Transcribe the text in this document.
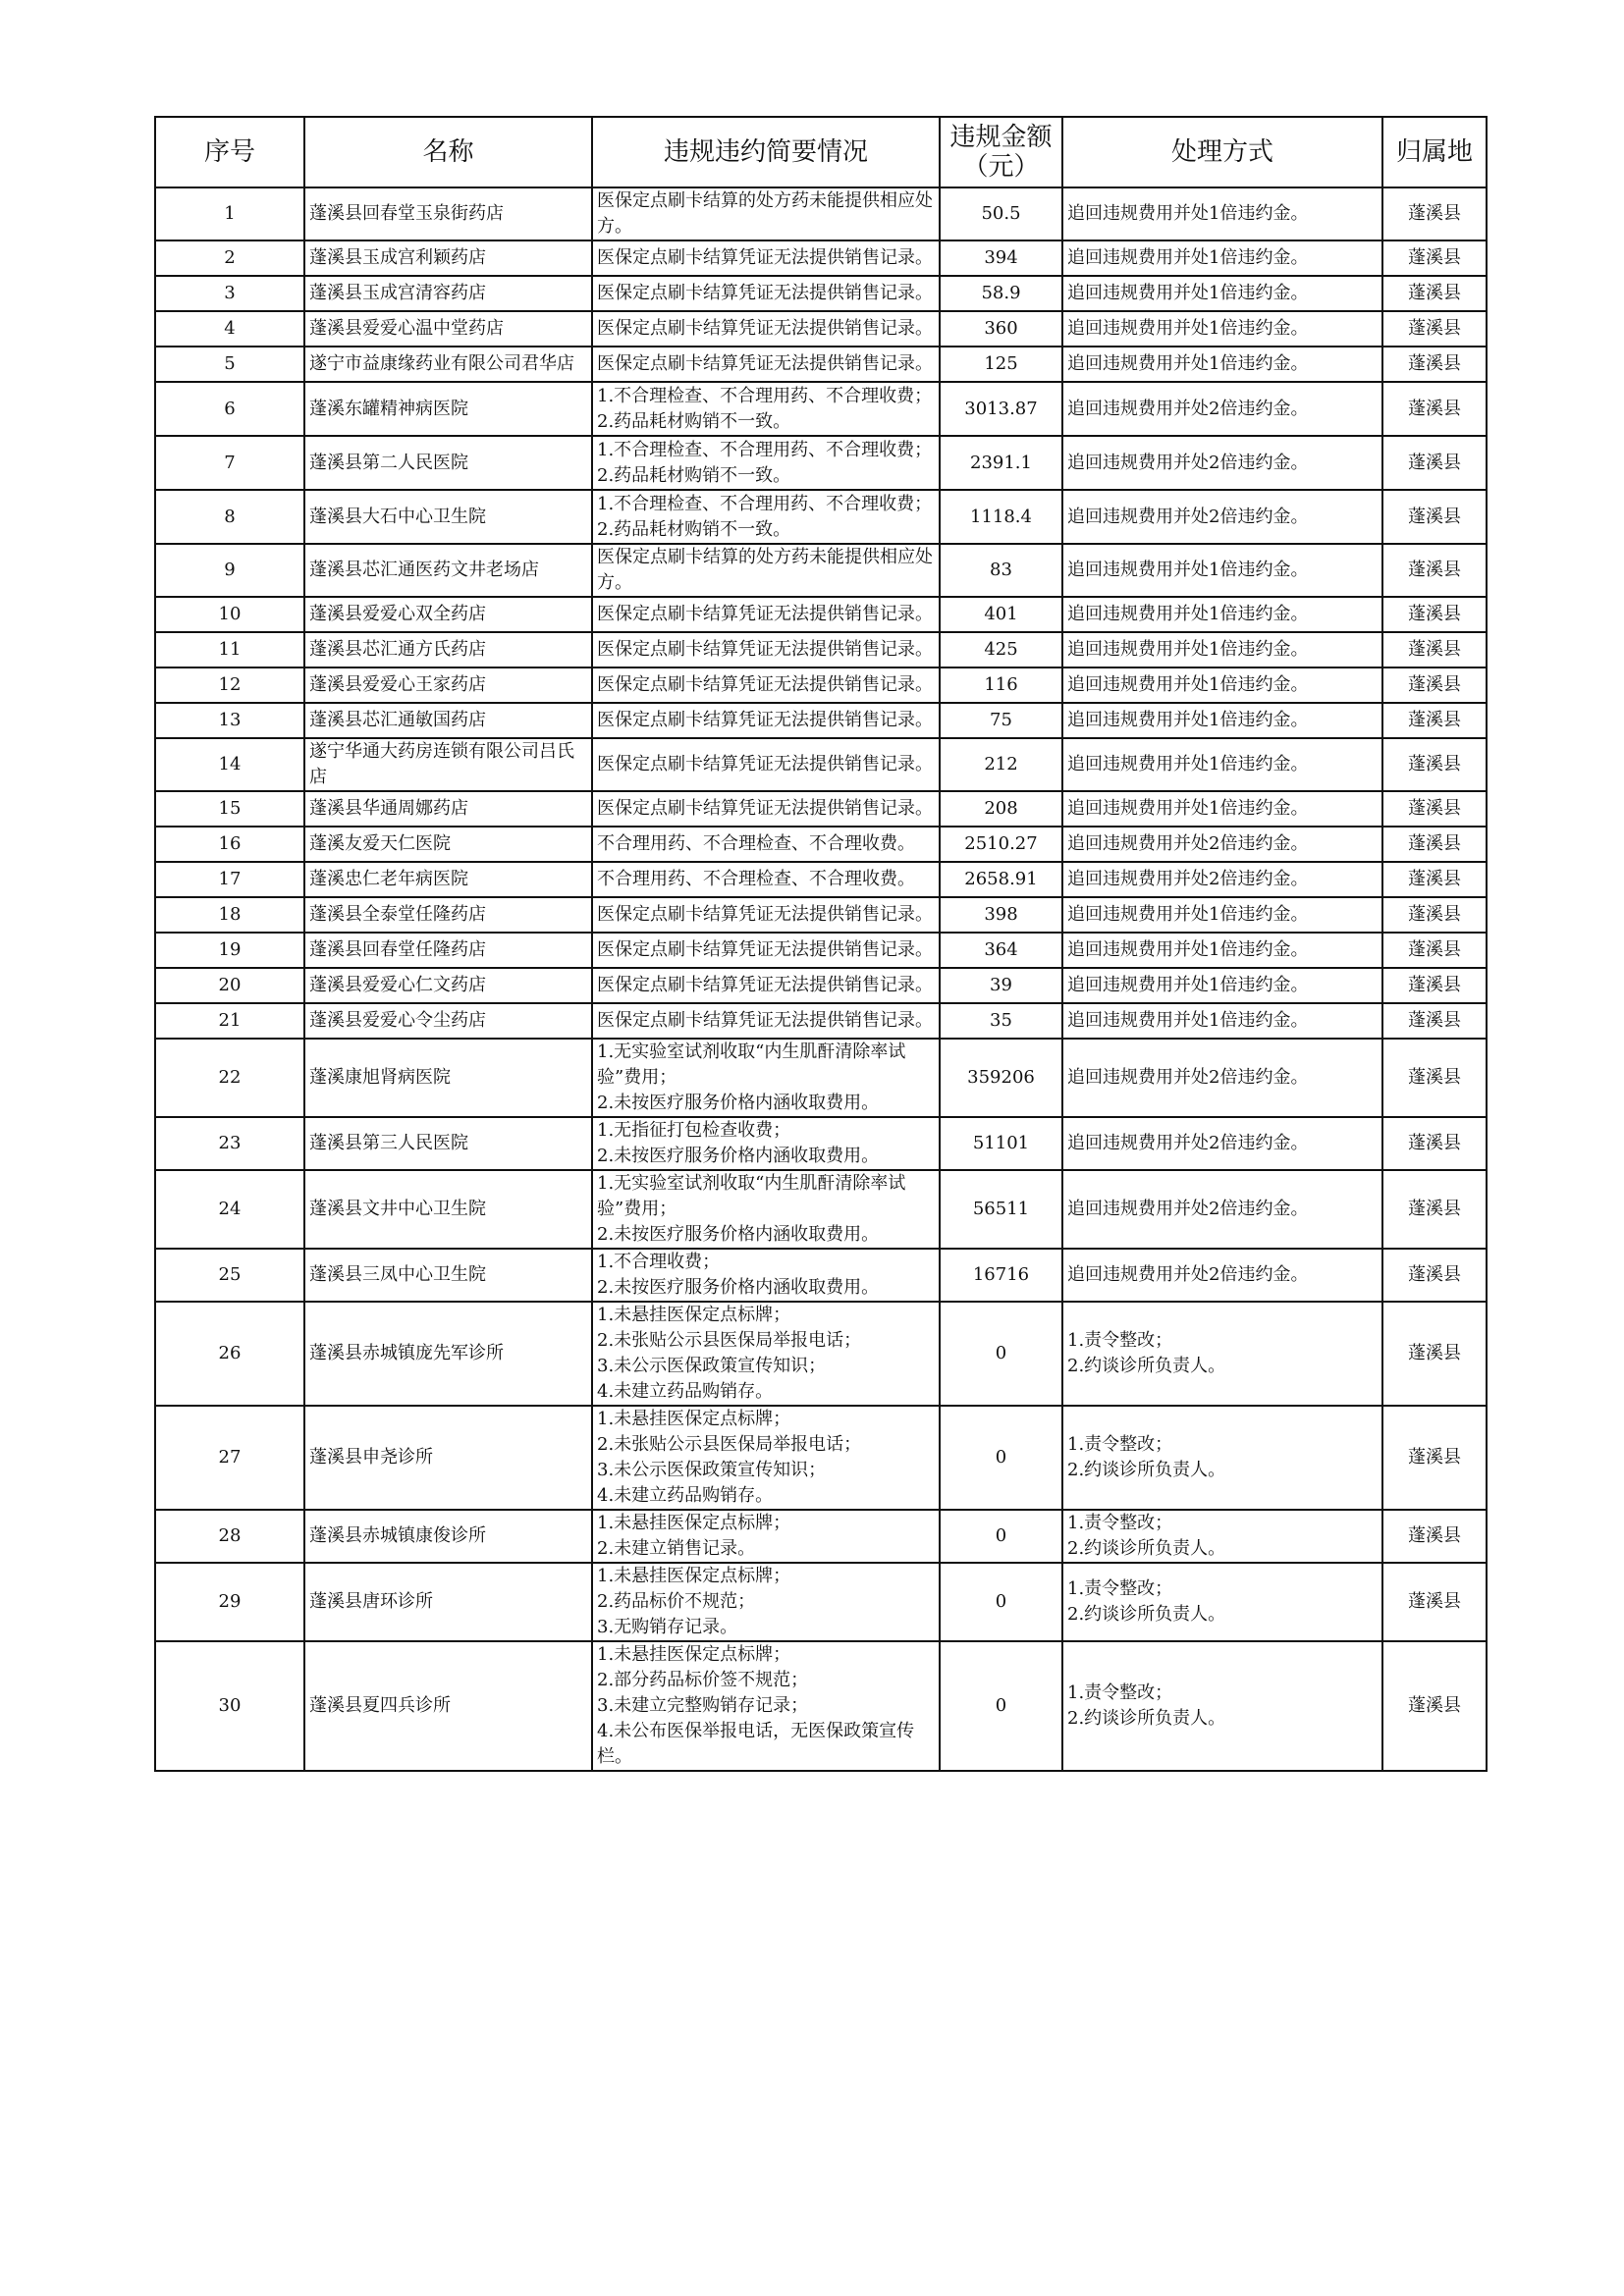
序号	名称	违规违约简要情况	违规金额（元）	处理方式	归属地
1	蓬溪县回春堂玉泉街药店	医保定点刷卡结算的处方药未能提供相应处方。	50.5	追回违规费用并处1倍违约金。	蓬溪县
2	蓬溪县玉成宫利颖药店	医保定点刷卡结算凭证无法提供销售记录。	394	追回违规费用并处1倍违约金。	蓬溪县
3	蓬溪县玉成宫清容药店	医保定点刷卡结算凭证无法提供销售记录。	58.9	追回违规费用并处1倍违约金。	蓬溪县
4	蓬溪县爱爱心温中堂药店	医保定点刷卡结算凭证无法提供销售记录。	360	追回违规费用并处1倍违约金。	蓬溪县
5	遂宁市益康缘药业有限公司君华店	医保定点刷卡结算凭证无法提供销售记录。	125	追回违规费用并处1倍违约金。	蓬溪县
6	蓬溪东罐精神病医院	1.不合理检查、不合理用药、不合理收费；
2.药品耗材购销不一致。	3013.87	追回违规费用并处2倍违约金。	蓬溪县
7	蓬溪县第二人民医院	1.不合理检查、不合理用药、不合理收费；
2.药品耗材购销不一致。	2391.1	追回违规费用并处2倍违约金。	蓬溪县
8	蓬溪县大石中心卫生院	1.不合理检查、不合理用药、不合理收费；
2.药品耗材购销不一致。	1118.4	追回违规费用并处2倍违约金。	蓬溪县
9	蓬溪县芯汇通医药文井老场店	医保定点刷卡结算的处方药未能提供相应处方。	83	追回违规费用并处1倍违约金。	蓬溪县
10	蓬溪县爱爱心双全药店	医保定点刷卡结算凭证无法提供销售记录。	401	追回违规费用并处1倍违约金。	蓬溪县
11	蓬溪县芯汇通方氏药店	医保定点刷卡结算凭证无法提供销售记录。	425	追回违规费用并处1倍违约金。	蓬溪县
12	蓬溪县爱爱心王家药店	医保定点刷卡结算凭证无法提供销售记录。	116	追回违规费用并处1倍违约金。	蓬溪县
13	蓬溪县芯汇通敏国药店	医保定点刷卡结算凭证无法提供销售记录。	75	追回违规费用并处1倍违约金。	蓬溪县
14	遂宁华通大药房连锁有限公司吕氏店	医保定点刷卡结算凭证无法提供销售记录。	212	追回违规费用并处1倍违约金。	蓬溪县
15	蓬溪县华通周娜药店	医保定点刷卡结算凭证无法提供销售记录。	208	追回违规费用并处1倍违约金。	蓬溪县
16	蓬溪友爱天仁医院	不合理用药、不合理检查、不合理收费。	2510.27	追回违规费用并处2倍违约金。	蓬溪县
17	蓬溪忠仁老年病医院	不合理用药、不合理检查、不合理收费。	2658.91	追回违规费用并处2倍违约金。	蓬溪县
18	蓬溪县全泰堂任隆药店	医保定点刷卡结算凭证无法提供销售记录。	398	追回违规费用并处1倍违约金。	蓬溪县
19	蓬溪县回春堂任隆药店	医保定点刷卡结算凭证无法提供销售记录。	364	追回违规费用并处1倍违约金。	蓬溪县
20	蓬溪县爱爱心仁文药店	医保定点刷卡结算凭证无法提供销售记录。	39	追回违规费用并处1倍违约金。	蓬溪县
21	蓬溪县爱爱心令尘药店	医保定点刷卡结算凭证无法提供销售记录。	35	追回违规费用并处1倍违约金。	蓬溪县
22	蓬溪康旭肾病医院	1.无实验室试剂收取“内生肌酐清除率试验”费用；
2.未按医疗服务价格内涵收取费用。	359206	追回违规费用并处2倍违约金。	蓬溪县
23	蓬溪县第三人民医院	1.无指征打包检查收费；
2.未按医疗服务价格内涵收取费用。	51101	追回违规费用并处2倍违约金。	蓬溪县
24	蓬溪县文井中心卫生院	1.无实验室试剂收取“内生肌酐清除率试验”费用；
2.未按医疗服务价格内涵收取费用。	56511	追回违规费用并处2倍违约金。	蓬溪县
25	蓬溪县三凤中心卫生院	1.不合理收费；
2.未按医疗服务价格内涵收取费用。	16716	追回违规费用并处2倍违约金。	蓬溪县
26	蓬溪县赤城镇庞先军诊所	1.未悬挂医保定点标牌；
2.未张贴公示县医保局举报电话；
3.未公示医保政策宣传知识；
4.未建立药品购销存。	0	1.责令整改；
2.约谈诊所负责人。	蓬溪县
27	蓬溪县申尧诊所	1.未悬挂医保定点标牌；
2.未张贴公示县医保局举报电话；
3.未公示医保政策宣传知识；
4.未建立药品购销存。	0	1.责令整改；
2.约谈诊所负责人。	蓬溪县
28	蓬溪县赤城镇康俊诊所	1.未悬挂医保定点标牌；
2.未建立销售记录。	0	1.责令整改；
2.约谈诊所负责人。	蓬溪县
29	蓬溪县唐环诊所	1.未悬挂医保定点标牌；
2.药品标价不规范；
3.无购销存记录。	0	1.责令整改；
2.约谈诊所负责人。	蓬溪县
30	蓬溪县夏四兵诊所	1.未悬挂医保定点标牌；
2.部分药品标价签不规范；
3.未建立完整购销存记录；
4.未公布医保举报电话，无医保政策宣传栏。	0	1.责令整改；
2.约谈诊所负责人。	蓬溪县
